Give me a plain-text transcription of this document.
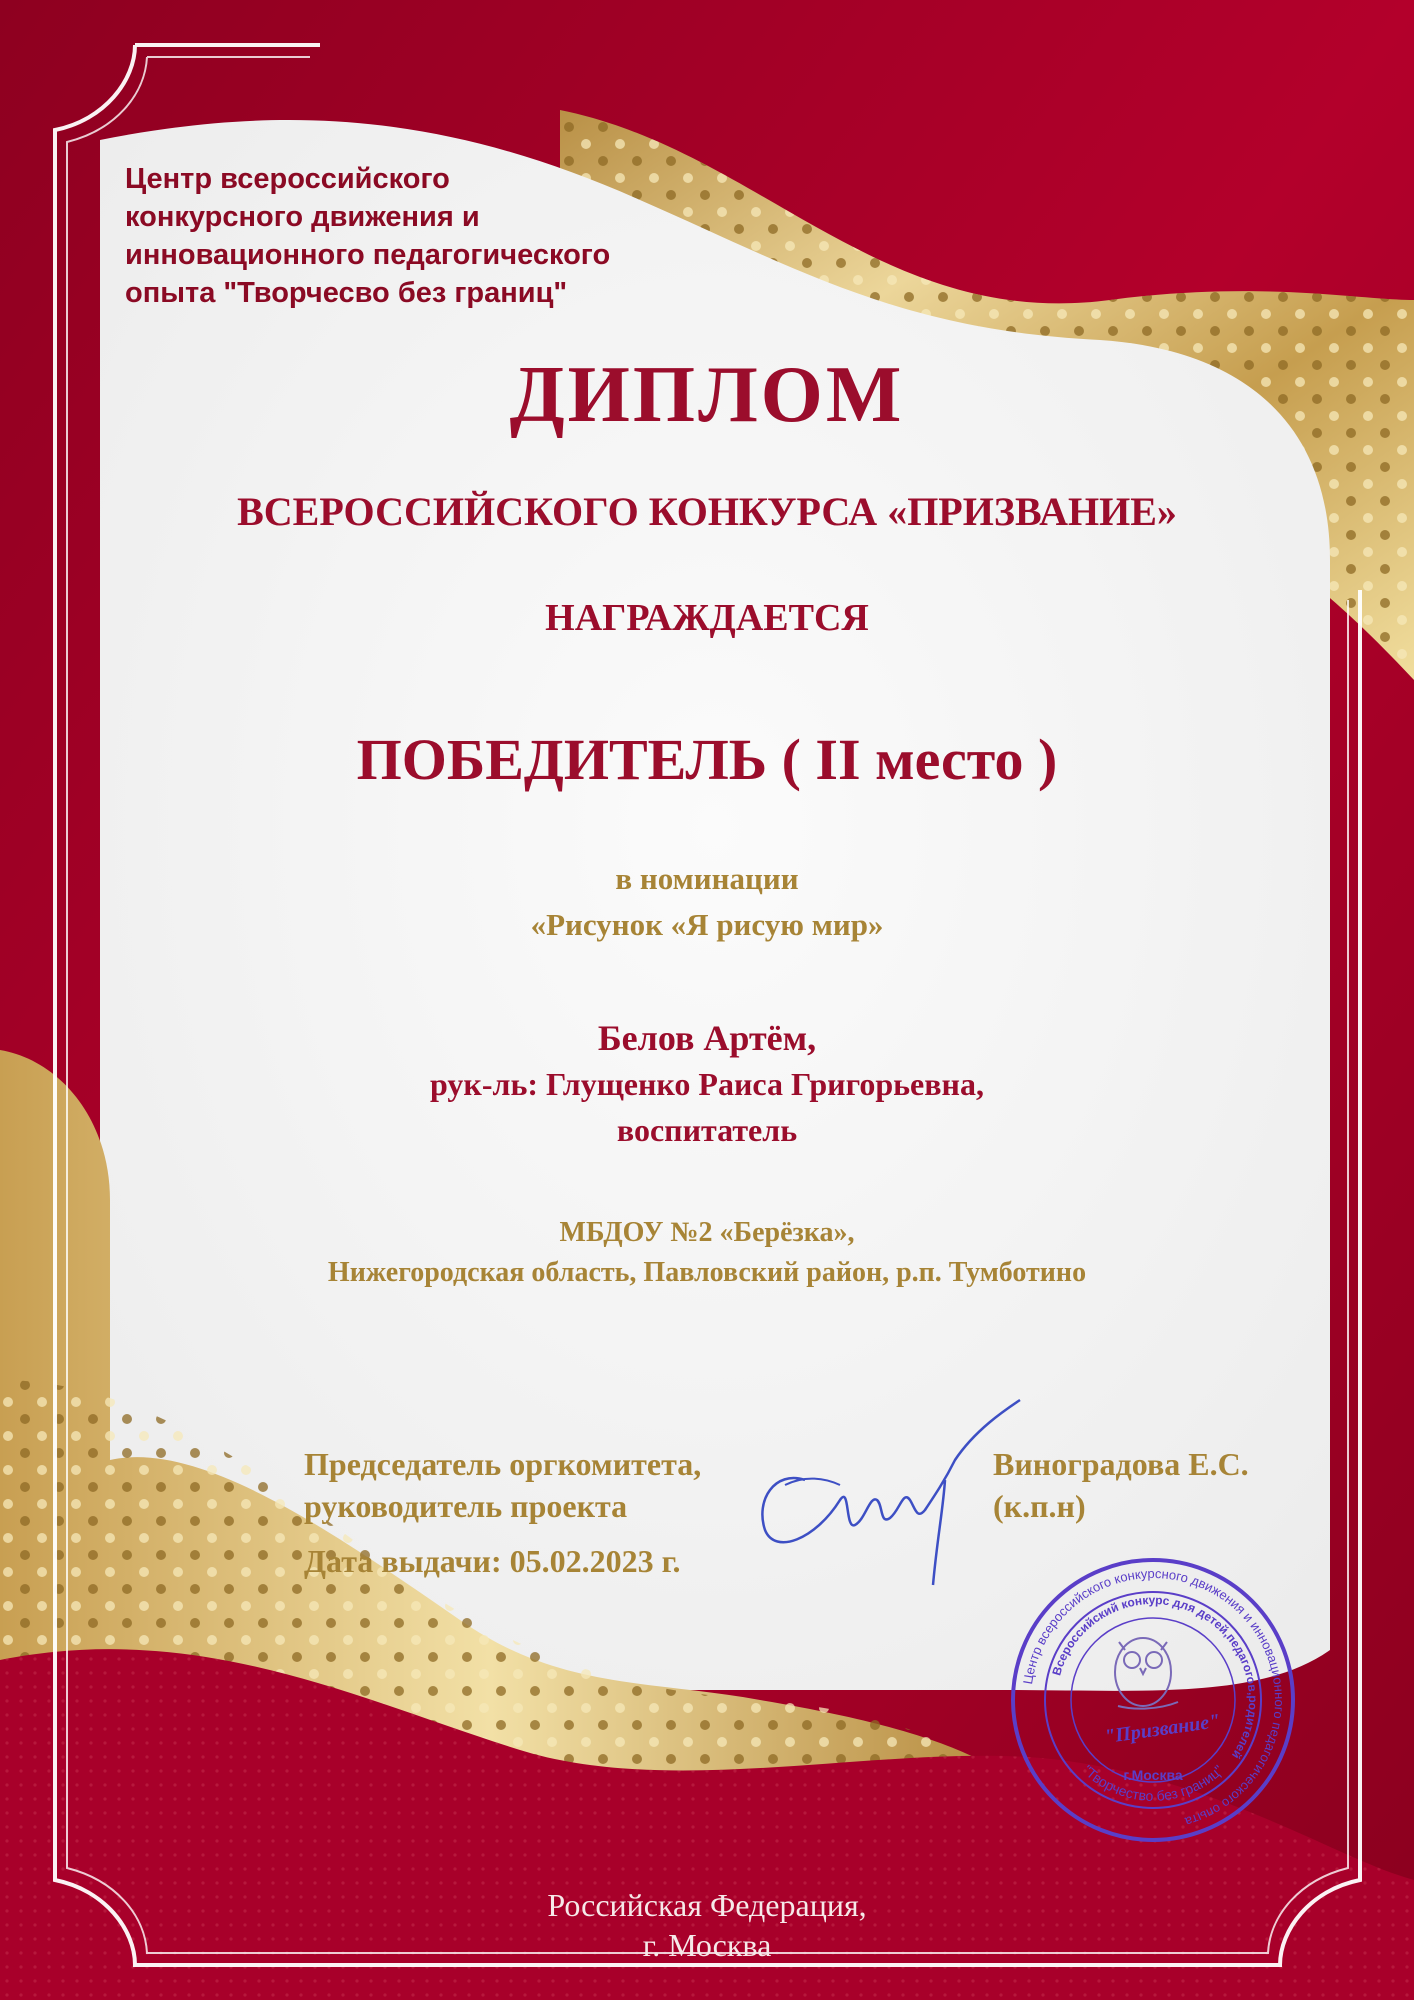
Центр всероссийского
конкурсного движения и
инновационного педагогического
опыта "Творчесво без границ"

ДИПЛОМ

ВСЕРОССИЙСКОГО КОНКУРСА «ПРИЗВАНИЕ»

НАГРАЖДАЕТСЯ

ПОБЕДИТЕЛЬ ( II место )

в номинации

«Рисунок «Я рисую мир»

Белов Артём,

рук-ль: Глущенко Раиса Григорьевна,

воспитатель

МБДОУ №2 «Берёзка»,

Нижегородская область, Павловский район, р.п. Тумботино

Председатель оргкомитета,

руководитель проекта

Дата выдачи: 05.02.2023 г.

Виноградова Е.С.

(к.п.н)

Центр всероссийского конкурсного движения и инновационного педагогического опыта
Всероссийский конкурс для детей,педагогов,родителей
"Призвание"
г.Москва
"Творчество без границ"

Российская Федерация,

г. Москва
